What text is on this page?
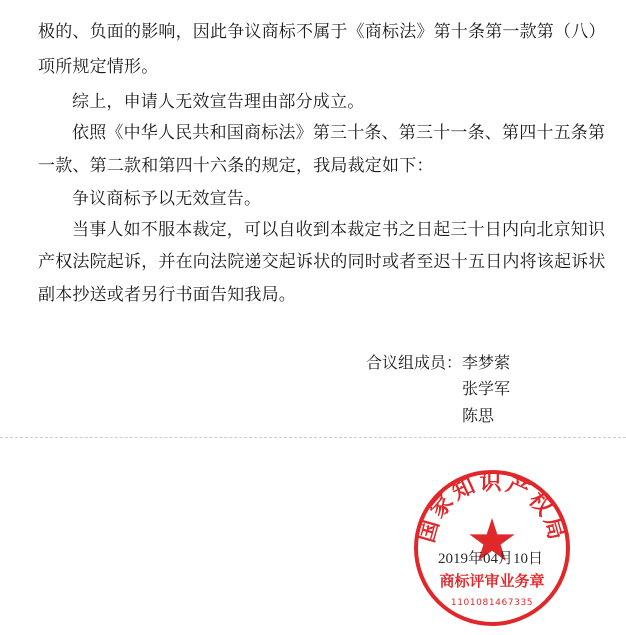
极的、负面的影响，因此争议商标不属于《商标法》第十条第一款第（八）
项所规定情形。
综上，申请人无效宣告理由部分成立。
依照《中华人民共和国商标法》第三十条、第三十一条、第四十五条第
一款、第二款和第四十六条的规定，我局裁定如下：
争议商标予以无效宣告。
当事人如不服本裁定，可以自收到本裁定书之日起三十日内向北京知识
产权法院起诉，并在向法院递交起诉状的同时或者至迟十五日内将该起诉状
副本抄送或者另行书面告知我局。
合议组成员： 李梦萦
张学军
陈思
国家知识产权局
商标评审业务章
1101081467335
2019年04月10日
